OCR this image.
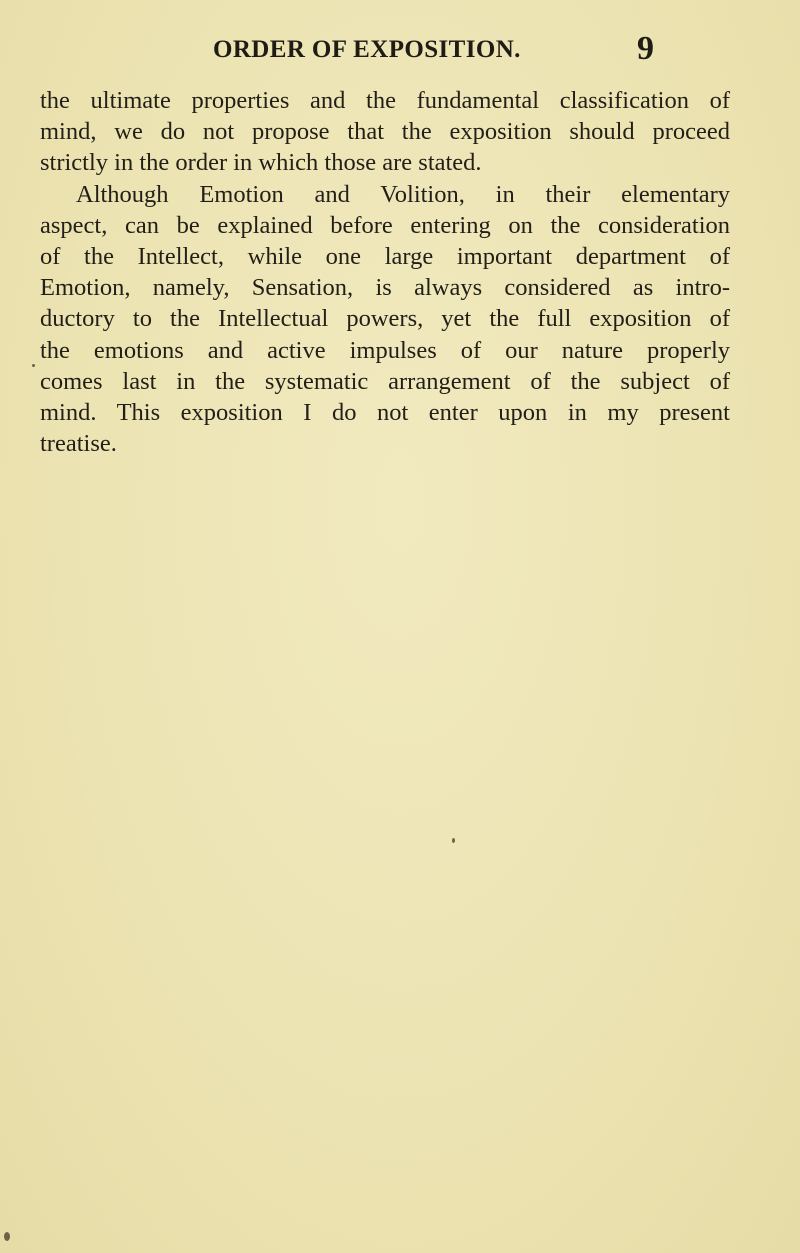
ORDER OF EXPOSITION.	9
the ultimate properties and the fundamental classification of
mind, we do not propose that the exposition should proceed
strictly in the order in which those are stated.
Although Emotion and Volition, in their elementary
aspect, can be explained before entering on the consideration
of the Intellect, while one large important department of
Emotion, namely, Sensation, is always considered as intro-
ductory to the Intellectual powers, yet the full exposition of
the emotions and active impulses of our nature properly
comes last in the systematic arrangement of the subject of
mind. This exposition I do not enter upon in my present
treatise.
